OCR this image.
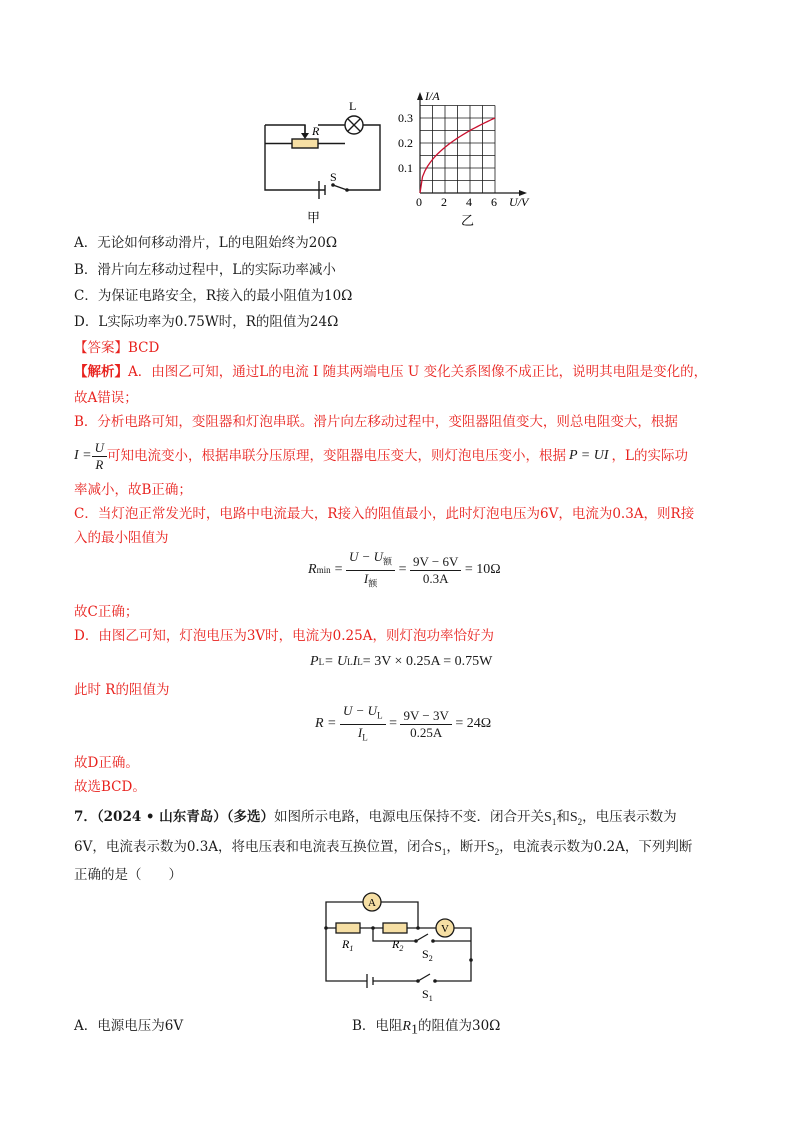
R
L
S
甲
I/A
U/V
0.3
0.2
0.1
0 2 4 6
乙
A．无论如何移动滑片，L的电阻始终为20Ω
B．滑片向左移动过程中，L的实际功率减小
C．为保证电路安全，R接入的最小阻值为10Ω
D．L实际功率为0.75W时，R的阻值为24Ω
【答案】BCD
【解析】A．由图乙可知，通过L的电流 I 随其两端电压 U 变化关系图像不成正比，说明其电阻是变化的，
故A错误；
B．分析电路可知，变阻器和灯泡串联。滑片向左移动过程中，变阻器阻值变大，则总电阻变大，根据
$I = \frac{U}{R}$ 可知电流变小，根据串联分压原理，变阻器电压变大，则灯泡电压变小，根据 P = UI ，L的实际功
率减小，故B正确；
C．当灯泡正常发光时，电路中电流最大，R接入的阻值最小，此时灯泡电压为6V，电流为0.3A，则R接
入的最小阻值为
R $\min = \frac{U - U_额}{I_额} = \frac{9V - 6V}{0.3A}$
= 10Ω
故C正确；
D．由图乙可知，灯泡电压为3V时，电流为0.25A，则灯泡功率恰好为
P L = U L I L = 3V × 0.25A = 0.75W
此时 R的阻值为
R =
$\frac{U - U_L}{I_L} = \frac{9V - 3V}{0.25A}$
= 24Ω
故D正确。
故选BCD。
7．（2024 • 山东青岛）（多选）如图所示电路，电源电压保持不变．闭合开关$S_1$和$S_2$，电压表示数为
6V，电流表示数为0.3A，将电压表和电流表互换位置，闭合$S_1$，断开$S_2$，电流表示数为0.2A，下列判断
正确的是（　　）
A
V
$R_1$	$R_2$ $S_2$
$S_1$
A．电源电压为6V	B．电阻$R_1$的阻值为30Ω
